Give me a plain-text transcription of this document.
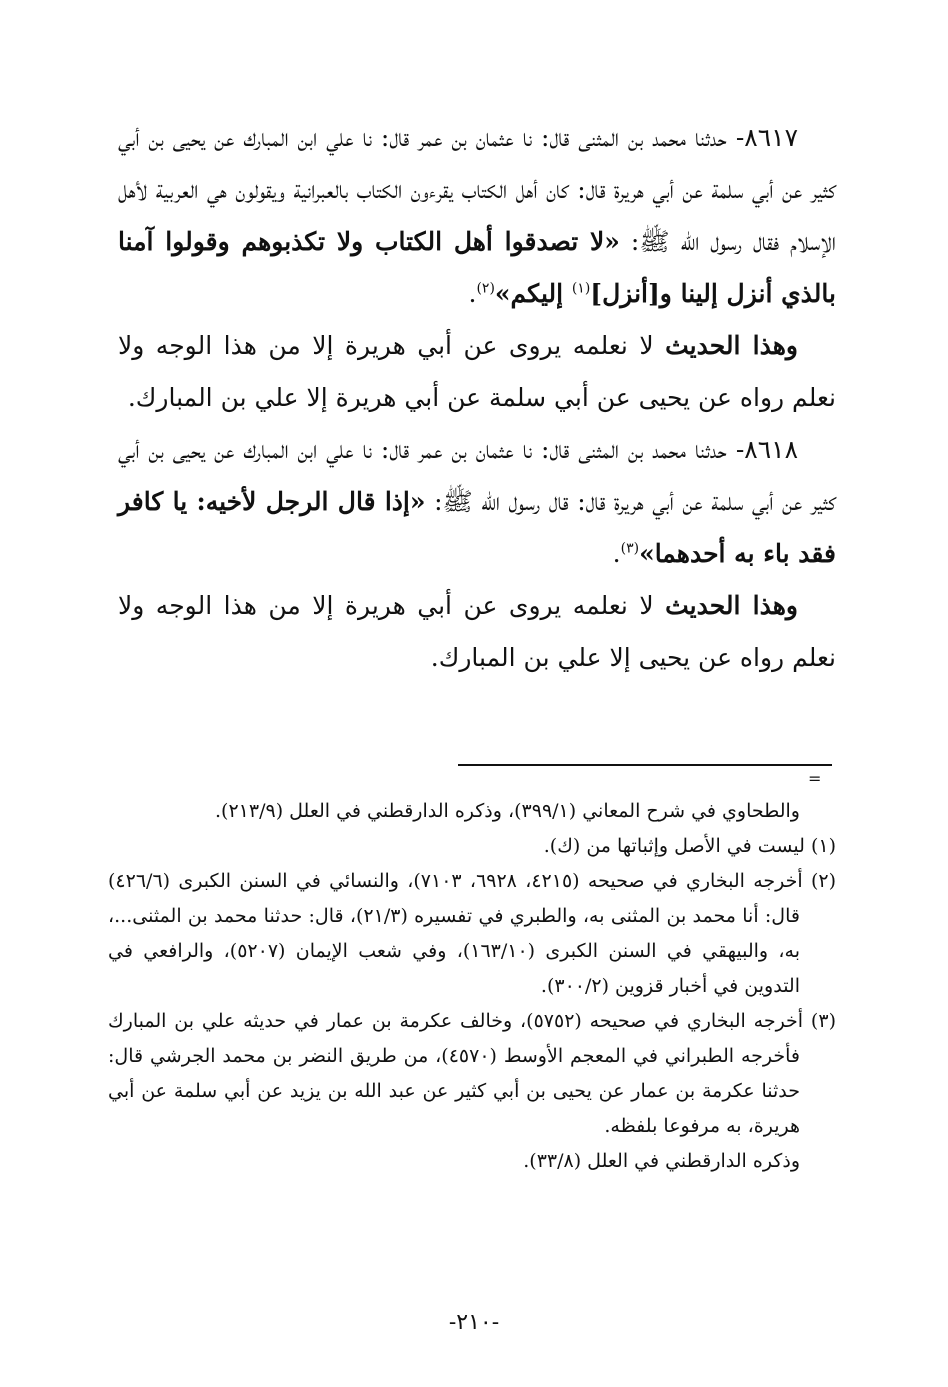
٨٦١٧- حدثنا محمد بن المثنى قال: نا عثمان بن عمر قال: نا علي ابن المبارك عن يحيى بن أبي كثير عن أبي سلمة عن أبي هريرة قال: كان أهل الكتاب يقرءون الكتاب بالعبرانية ويقولون هي العربية لأهل الإسلام فقال رسول الله ﷺ: «لا تصدقوا أهل الكتاب ولا تكذبوهم وقولوا آمنا بالذي أنزل إلينا و[أنزل]$^{(١)}$ إليكم»$^{(٢)}$.

وهذا الحديث لا نعلمه يروى عن أبي هريرة إلا من هذا الوجه ولا نعلم رواه عن يحيى عن أبي سلمة عن أبي هريرة إلا علي بن المبارك.

٨٦١٨- حدثنا محمد بن المثنى قال: نا عثمان بن عمر قال: نا علي ابن المبارك عن يحيى بن أبي كثير عن أبي سلمة عن أبي هريرة قال: قال رسول الله ﷺ: «إذا قال الرجل لأخيه: يا كافر فقد باء به أحدهما»$^{(٣)}$.

وهذا الحديث لا نعلمه يروى عن أبي هريرة إلا من هذا الوجه ولا نعلم رواه عن يحيى إلا علي بن المبارك.

=

والطحاوي في شرح المعاني (٣٩٩/١)، وذكره الدارقطني في العلل (٢١٣/٩).

(١) ليست في الأصل وإثباتها من (ك).

(٢) أخرجه البخاري في صحيحه (٤٢١٥، ٦٩٢٨، ٧١٠٣)، والنسائي في السنن الكبرى (٤٢٦/٦) قال: أنا محمد بن المثنى به، والطبري في تفسيره (٢١/٣)، قال: حدثنا محمد بن المثنى...، به، والبيهقي في السنن الكبرى (١٦٣/١٠)، وفي شعب الإيمان (٥٢٠٧)، والرافعي في التدوين في أخبار قزوين (٣٠٠/٢).

(٣) أخرجه البخاري في صحيحه (٥٧٥٢)، وخالف عكرمة بن عمار في حديثه علي بن المبارك فأخرجه الطبراني في المعجم الأوسط (٤٥٧٠)، من طريق النضر بن محمد الجرشي قال: حدثنا عكرمة بن عمار عن يحيى بن أبي كثير عن عبد الله بن يزيد عن أبي سلمة عن أبي هريرة، به مرفوعا بلفظه.

وذكره الدارقطني في العلل (٣٣/٨).

-٢١٠-
